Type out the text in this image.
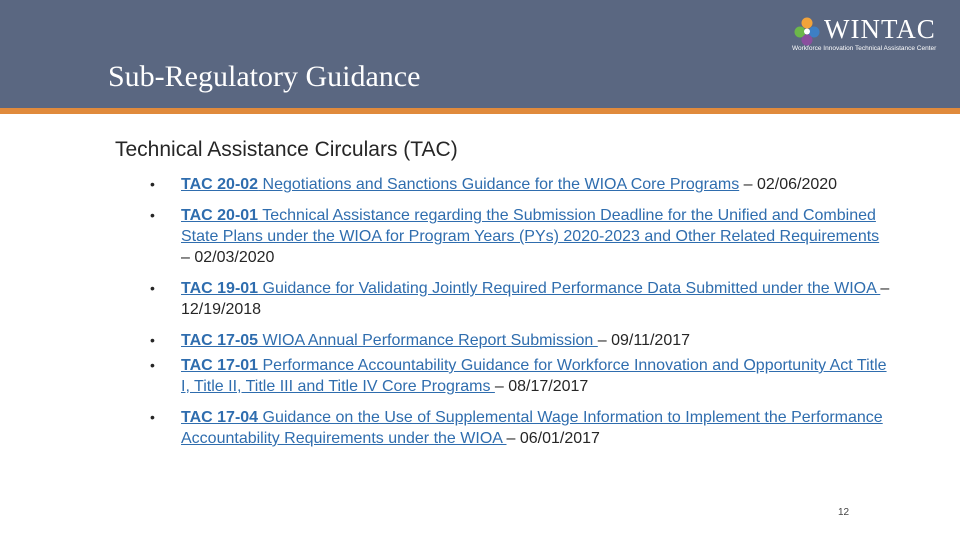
Sub-Regulatory Guidance
WINTAC
Workforce Innovation Technical Assistance Center
Technical Assistance Circulars (TAC)
•	TAC 20-02 Negotiations and Sanctions Guidance for the WIOA Core Programs – 02/06/2020
•	TAC 20-01 Technical Assistance regarding the Submission Deadline for the Unified and Combined State Plans under the WIOA for Program Years (PYs) 2020-2023 and Other Related Requirements – 02/03/2020
•	TAC 19-01 Guidance for Validating Jointly Required Performance Data Submitted under the WIOA – 12/19/2018
•	TAC 17-05 WIOA Annual Performance Report Submission – 09/11/2017
•	TAC 17-01 Performance Accountability Guidance for Workforce Innovation and Opportunity Act Title I, Title II, Title III and Title IV Core Programs – 08/17/2017
•	TAC 17-04 Guidance on the Use of Supplemental Wage Information to Implement the Performance Accountability Requirements under the WIOA – 06/01/2017
12
